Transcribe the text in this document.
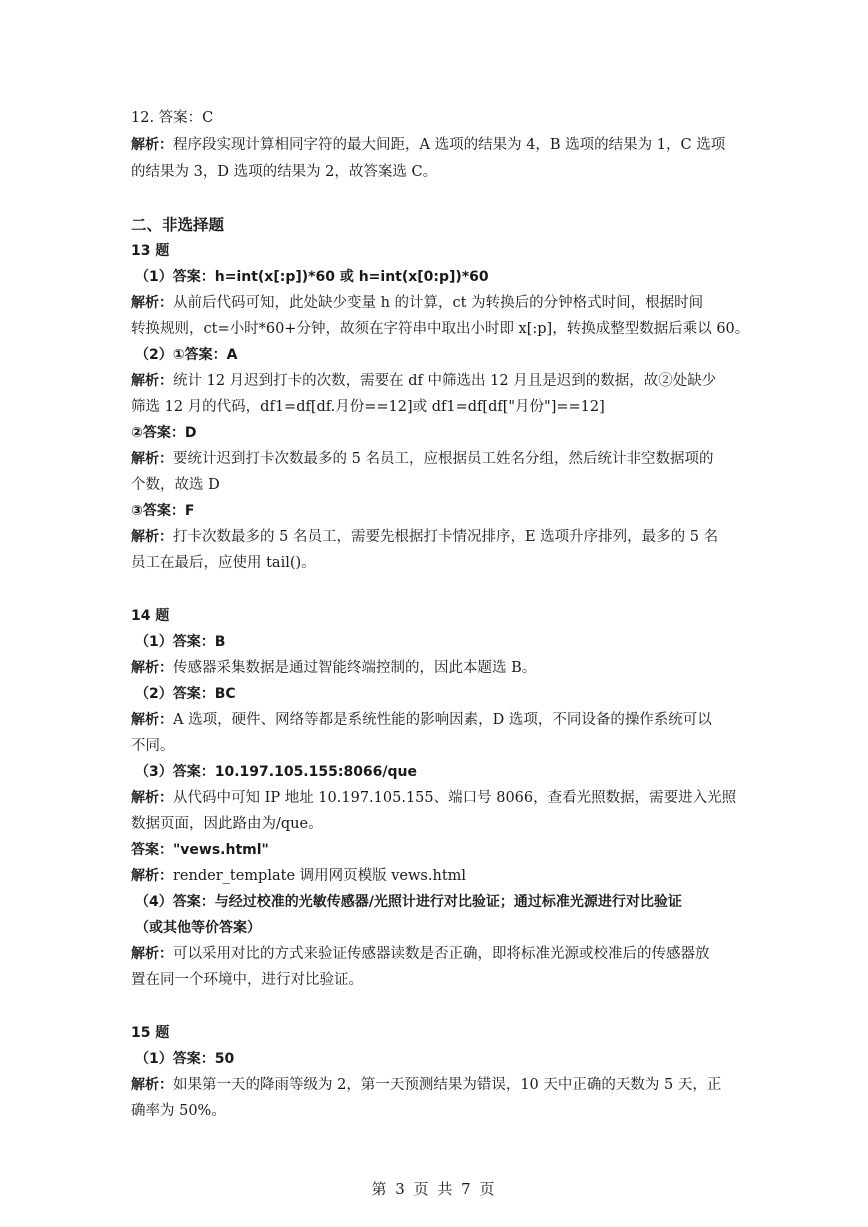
12. 答案：C
解析：程序段实现计算相同字符的最大间距，A 选项的结果为 4，B 选项的结果为 1，C 选项
的结果为 3，D 选项的结果为 2，故答案选 C。
二、非选择题
13 题
（1）答案：h=int(x[:p])*60 或 h=int(x[0:p])*60
解析：从前后代码可知，此处缺少变量 h 的计算，ct 为转换后的分钟格式时间，根据时间
转换规则，ct=小时*60+分钟，故须在字符串中取出小时即 x[:p]，转换成整型数据后乘以 60。
（2）①答案：A
解析：统计 12 月迟到打卡的次数，需要在 df 中筛选出 12 月且是迟到的数据，故②处缺少
筛选 12 月的代码，df1=df[df.月份==12]或 df1=df[df["月份"]==12]
②答案：D
解析：要统计迟到打卡次数最多的 5 名员工，应根据员工姓名分组，然后统计非空数据项的
个数，故选 D
③答案：F
解析：打卡次数最多的 5 名员工，需要先根据打卡情况排序，E 选项升序排列，最多的 5 名
员工在最后，应使用 tail()。
14 题
（1）答案：B
解析：传感器采集数据是通过智能终端控制的，因此本题选 B。
（2）答案：BC
解析：A 选项，硬件、网络等都是系统性能的影响因素，D 选项，不同设备的操作系统可以
不同。
（3）答案：10.197.105.155:8066/que
解析：从代码中可知 IP 地址 10.197.105.155、端口号 8066，查看光照数据，需要进入光照
数据页面，因此路由为/que。
答案："vews.html"
解析：render_template 调用网页模版 vews.html
（4）答案：与经过校准的光敏传感器/光照计进行对比验证；通过标准光源进行对比验证
（或其他等价答案）
解析：可以采用对比的方式来验证传感器读数是否正确，即将标准光源或校准后的传感器放
置在同一个环境中，进行对比验证。
15 题
（1）答案：50
解析：如果第一天的降雨等级为 2，第一天预测结果为错误，10 天中正确的天数为 5 天，正
确率为 50%。
第 3 页 共 7 页
